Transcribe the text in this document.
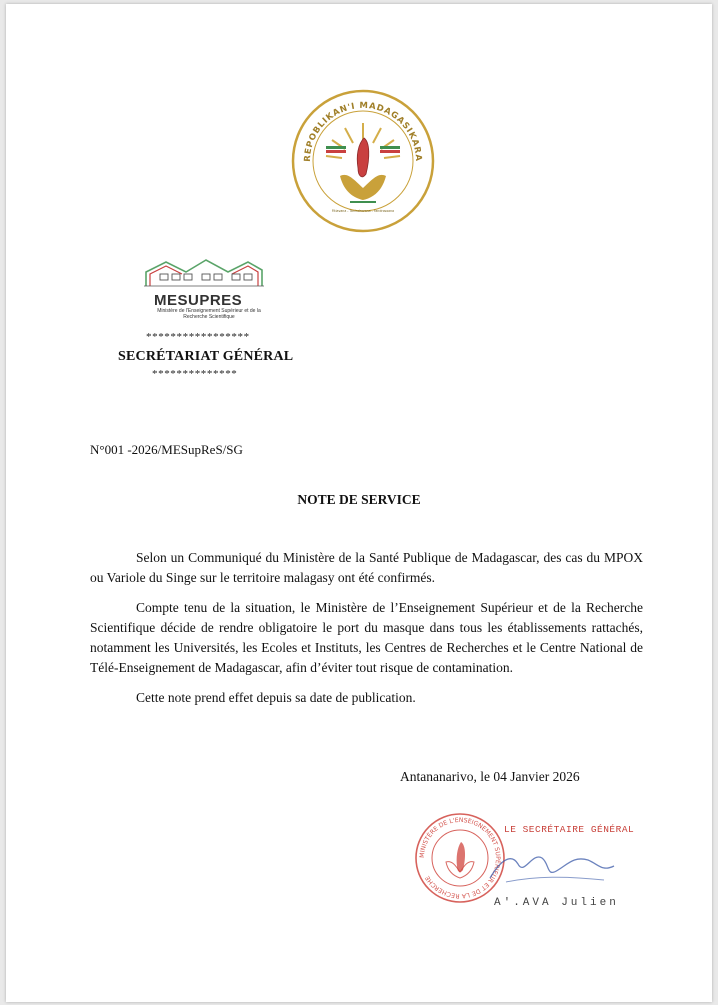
REPOBLIKAN'I MADAGASIKARA
Fitiavana - Tanindrazana - Fandrosoana
MESUPRES
Ministère de l'Enseignement Supérieur et de la Recherche Scientifique
*****************
SECRÉTARIAT GÉNÉRAL
**************
N°001 -2026/MESupReS/SG
NOTE DE SERVICE

Selon un Communiqué du Ministère de la Santé Publique de Madagascar, des cas du MPOX ou Variole du Singe sur le territoire malagasy ont été confirmés.

Compte tenu de la situation, le Ministère de l’Enseignement Supérieur et de la Recherche Scientifique décide de rendre obligatoire le port du masque dans tous les établissements rattachés, notamment les Universités, les Ecoles et Instituts, les Centres de Recherches et le Centre National de Télé-Enseignement de Madagascar, afin d’éviter tout risque de contamination.

Cette note prend effet depuis sa date de publication.

Antananarivo, le 04 Janvier 2026
MINISTÈRE DE L'ENSEIGNEMENT SUPÉRIEUR ET DE LA RECHERCHE
LE SECRÉTAIRE GÉNÉRAL
A'.AVA Julien
